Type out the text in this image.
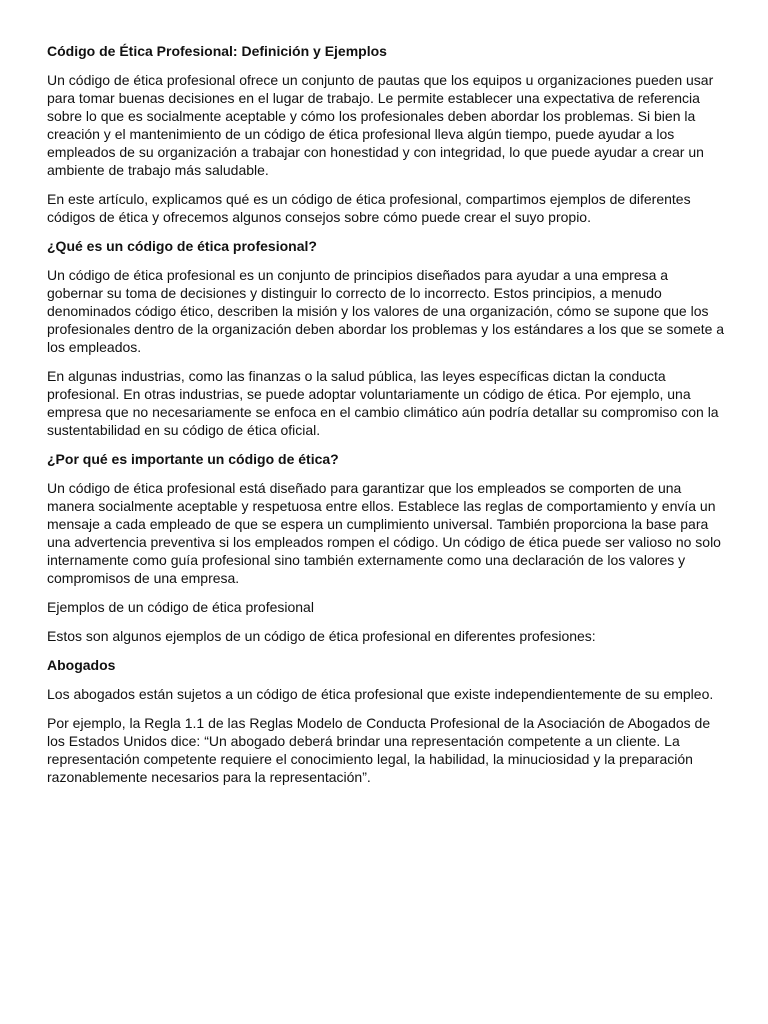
Código de Ética Profesional: Definición y Ejemplos

Un código de ética profesional ofrece un conjunto de pautas que los equipos u organizaciones pueden usar para tomar buenas decisiones en el lugar de trabajo. Le permite establecer una expectativa de referencia sobre lo que es socialmente aceptable y cómo los profesionales deben abordar los problemas. Si bien la creación y el mantenimiento de un código de ética profesional lleva algún tiempo, puede ayudar a los empleados de su organización a trabajar con honestidad y con integridad, lo que puede ayudar a crear un ambiente de trabajo más saludable.

En este artículo, explicamos qué es un código de ética profesional, compartimos ejemplos de diferentes códigos de ética y ofrecemos algunos consejos sobre cómo puede crear el suyo propio.

¿Qué es un código de ética profesional?

Un código de ética profesional es un conjunto de principios diseñados para ayudar a una empresa a gobernar su toma de decisiones y distinguir lo correcto de lo incorrecto. Estos principios, a menudo denominados código ético, describen la misión y los valores de una organización, cómo se supone que los profesionales dentro de la organización deben abordar los problemas y los estándares a los que se somete a los empleados.

En algunas industrias, como las finanzas o la salud pública, las leyes específicas dictan la conducta profesional. En otras industrias, se puede adoptar voluntariamente un código de ética. Por ejemplo, una empresa que no necesariamente se enfoca en el cambio climático aún podría detallar su compromiso con la sustentabilidad en su código de ética oficial.

¿Por qué es importante un código de ética?

Un código de ética profesional está diseñado para garantizar que los empleados se comporten de una manera socialmente aceptable y respetuosa entre ellos. Establece las reglas de comportamiento y envía un mensaje a cada empleado de que se espera un cumplimiento universal. También proporciona la base para una advertencia preventiva si los empleados rompen el código. Un código de ética puede ser valioso no solo internamente como guía profesional sino también externamente como una declaración de los valores y compromisos de una empresa.

Ejemplos de un código de ética profesional

Estos son algunos ejemplos de un código de ética profesional en diferentes profesiones:

Abogados

Los abogados están sujetos a un código de ética profesional que existe independientemente de su empleo.

Por ejemplo, la Regla 1.1 de las Reglas Modelo de Conducta Profesional de la Asociación de Abogados de los Estados Unidos dice: “Un abogado deberá brindar una representación competente a un cliente. La representación competente requiere el conocimiento legal, la habilidad, la minuciosidad y la preparación razonablemente necesarios para la representación”.
